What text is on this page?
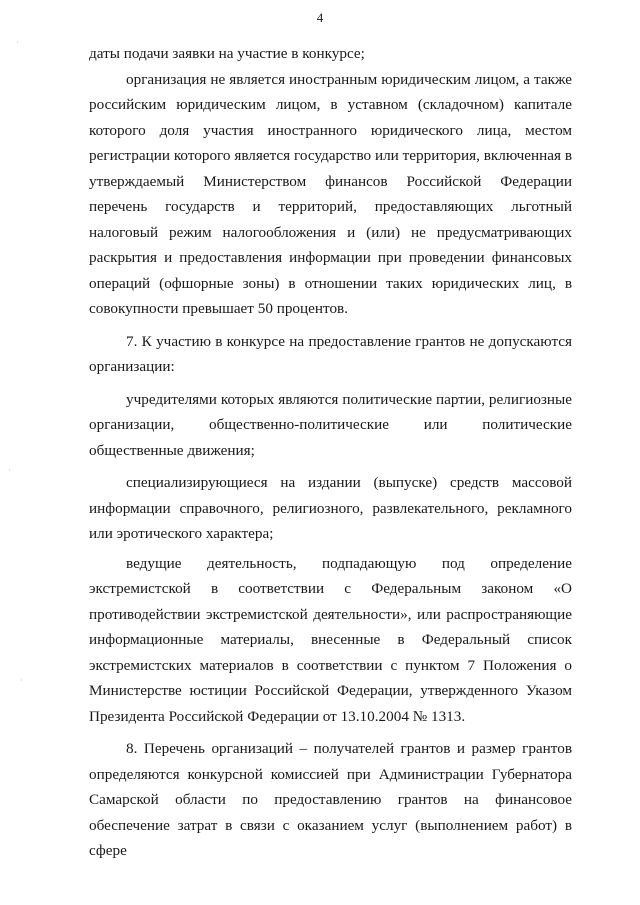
4
·
·
·

даты подачи заявки на участие в конкурсе;

организация не является иностранным юридическим лицом, а также российским юридическим лицом, в уставном (складочном) капитале которого доля участия иностранного юридического лица, местом регистрации которого является государство или территория, включенная в утверждаемый Министерством финансов Российской Федерации перечень государств и территорий, предоставляющих льготный налоговый режим налогообложения и (или) не предусматривающих раскрытия и предоставления информации при проведении финансовых операций (офшорные зоны) в отношении таких юридических лиц, в совокупности превышает 50 процентов.

7. К участию в конкурсе на предоставление грантов не допускаются организации:

учредителями которых являются политические партии, религиозные организации, общественно-политические или политические общественные движения;

специализирующиеся на издании (выпуске) средств массовой информации справочного, религиозного, развлекательного, рекламного или эротического характера;

ведущие деятельность, подпадающую под определение экстремистской в соответствии с Федеральным законом «О противодействии экстремистской деятельности», или распространяющие информационные материалы, внесенные в Федеральный список экстремистских материалов в соответствии с пунктом 7 Положения о Министерстве юстиции Российской Федерации, утвержденного Указом Президента Российской Федерации от 13.10.2004 № 1313.

8. Перечень организаций – получателей грантов и размер грантов определяются конкурсной комиссией при Администрации Губернатора Самарской области по предоставлению грантов на финансовое обеспечение затрат в связи с оказанием услуг (выполнением работ) в сфере
